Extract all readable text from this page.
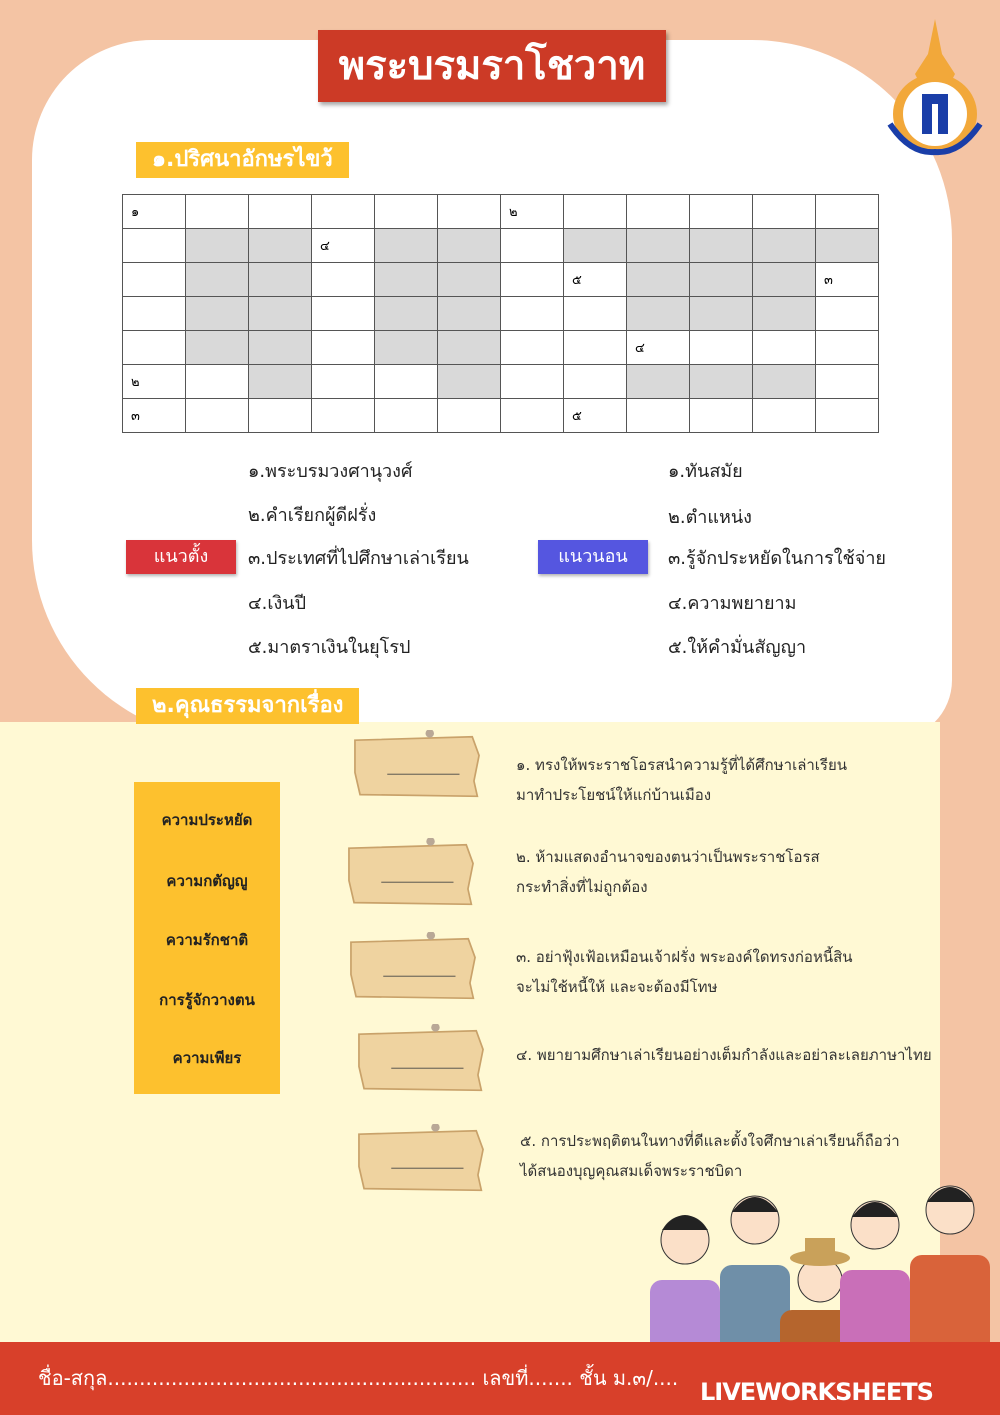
พระบรมราโชวาท
๑.ปริศนาอักษรไขว้
๑						๒					
			๔								
							๕				๓

								๔			
๒											
๓							๕				
แนวตั้ง	แนวนอน
๑.พระบรมวงศานุวงศ์
๒.คำเรียกผู้ดีฝรั่ง
๓.ประเทศที่ไปศึกษาเล่าเรียน
๔.เงินปี
๕.มาตราเงินในยุโรป
๑.ทันสมัย
๒.ตำแหน่ง
๓.รู้จักประหยัดในการใช้จ่าย
๔.ความพยายาม
๕.ให้คำมั่นสัญญา
๒.คุณธรรมจากเรื่อง
ความประหยัด
ความกตัญญู
ความรักชาติ
การรู้จักวางตน
ความเพียร
๑. ทรงให้พระราชโอรสนำความรู้ที่ได้ศึกษาเล่าเรียน
มาทำประโยชน์ให้แก่บ้านเมือง
๒. ห้ามแสดงอำนาจของตนว่าเป็นพระราชโอรส
กระทำสิ่งที่ไม่ถูกต้อง
๓. อย่าฟุ้งเฟ้อเหมือนเจ้าฝรั่ง พระองค์ใดทรงก่อหนี้สิน
จะไม่ใช้หนี้ให้ และจะต้องมีโทษ
๔. พยายามศึกษาเล่าเรียนอย่างเต็มกำลังและอย่าละเลยภาษาไทย
๕. การประพฤติตนในทางที่ดีและตั้งใจศึกษาเล่าเรียนก็ถือว่า
ได้สนองบุญคุณสมเด็จพระราชบิดา
ชื่อ-สกุล.......................................................... เลขที่....... ชั้น ม.๓/.... LIVEWORKSHEETS
